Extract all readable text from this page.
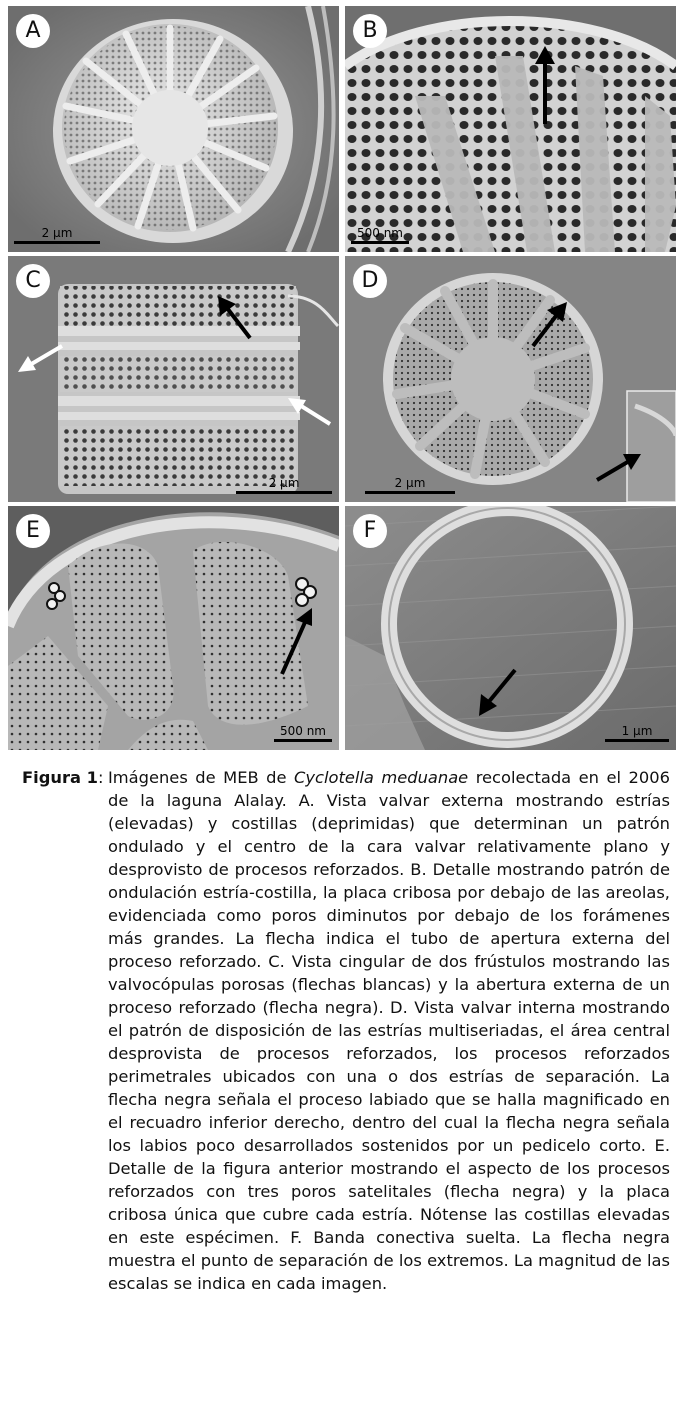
A
2 µm
B
500 nm
C
2 µm
D
2 µm
E
500 nm
F
1 µm
Figura 1: Imágenes de MEB de Cyclotella meduanae recolectada en el 2006 de la laguna Alalay. A. Vista valvar externa mostrando estrías (elevadas) y costillas (deprimidas) que determinan un patrón ondulado y el centro de la cara valvar relativamente plano y desprovisto de procesos reforzados. B. Detalle mostrando patrón de ondulación estría-costilla, la placa cribosa por debajo de las areolas, evidenciada como poros diminutos por debajo de los forámenes más grandes. La flecha indica el tubo de apertura externa del proceso reforzado. C. Vista cingular de dos frústulos mostrando las valvocópulas porosas (flechas blancas) y la abertura externa de un proceso reforzado (flecha negra). D. Vista valvar interna mostrando el patrón de disposición de las estrías multiseriadas, el área central desprovista de procesos reforzados, los procesos reforzados perimetrales ubicados con una o dos estrías de separación. La flecha negra señala el proceso labiado que se halla magnificado en el recuadro inferior derecho, dentro del cual la flecha negra señala los labios poco desarrollados sostenidos por un pedicelo corto. E. Detalle de la figura anterior mostrando el aspecto de los procesos reforzados con tres poros satelitales (flecha negra) y la placa cribosa única que cubre cada estría. Nótense las costillas elevadas en este espécimen. F. Banda conectiva suelta. La flecha negra muestra el punto de separación de los extremos. La magnitud de las escalas se indica en cada imagen.
